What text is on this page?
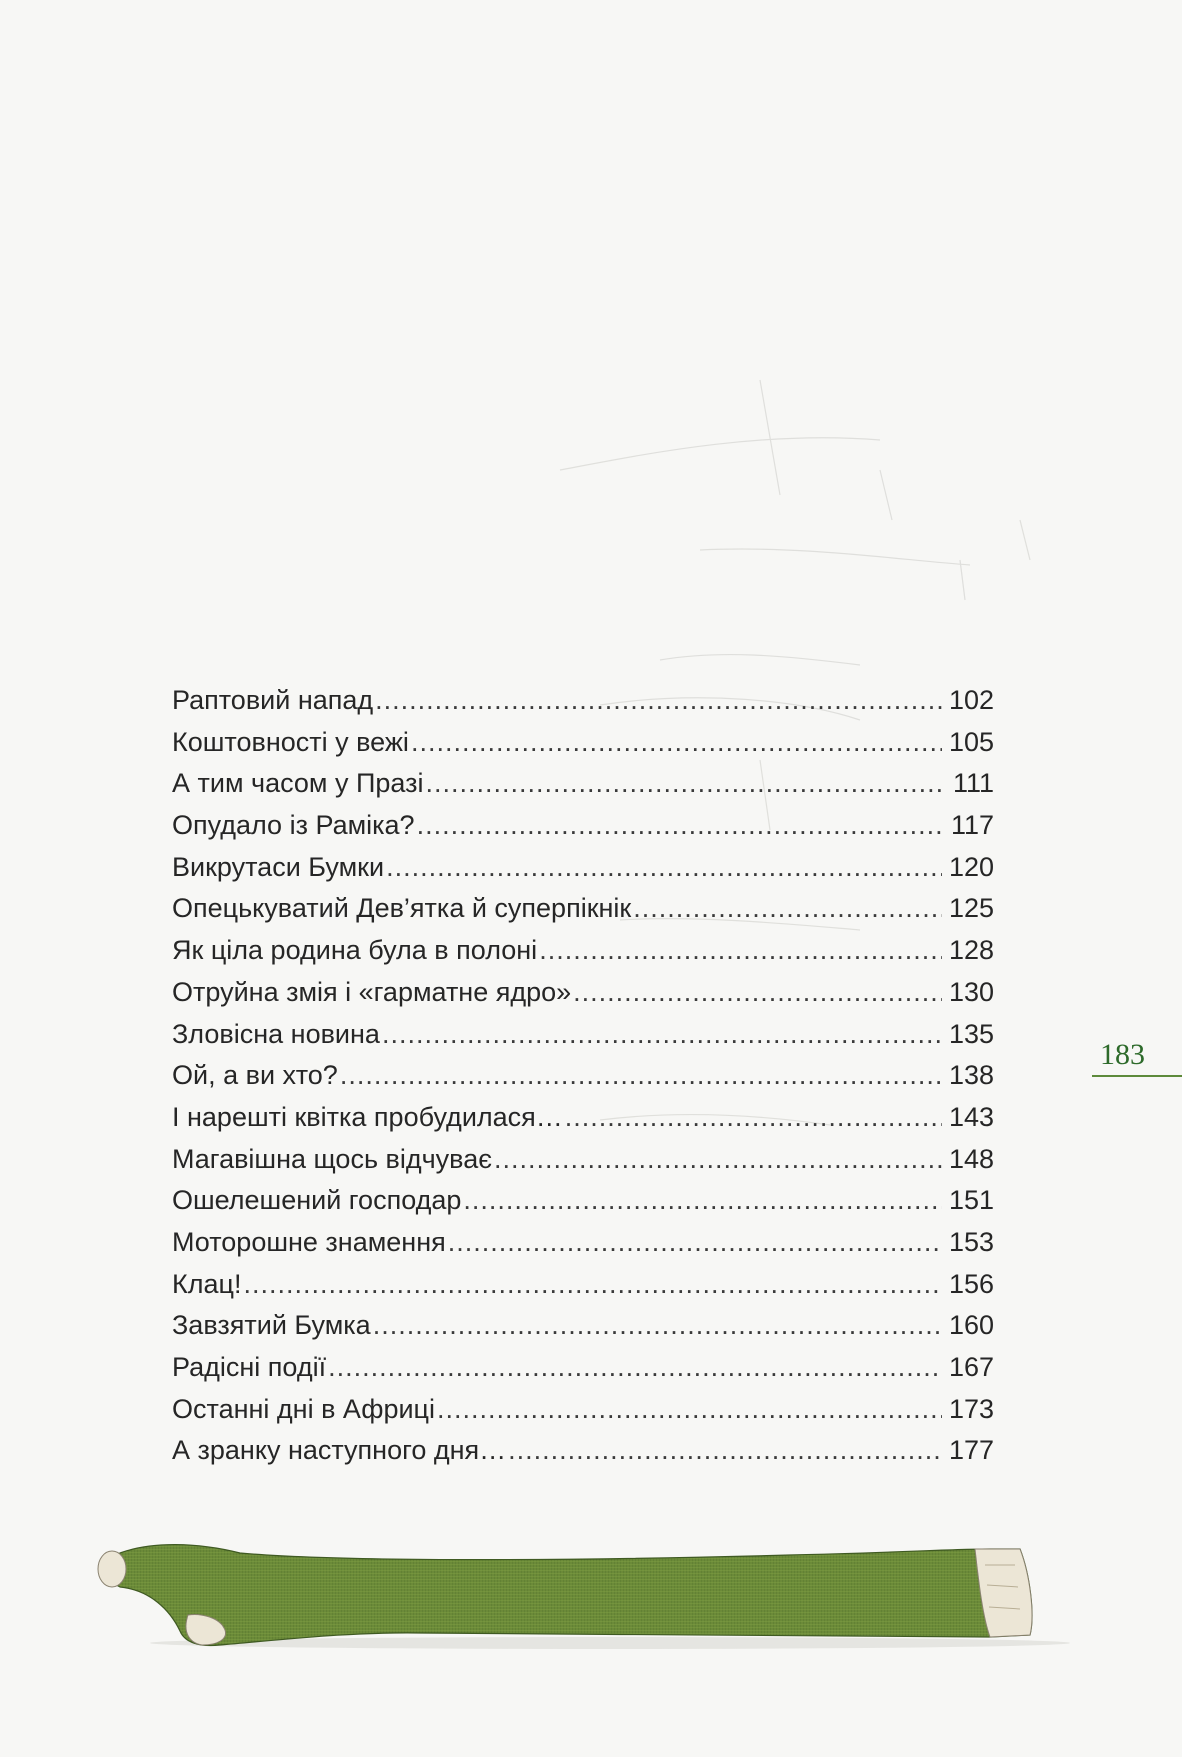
Раптовий напад .....	102
Коштовності у вежі .....	105
А тим часом у Празі .....	111
Опудало із Раміка? .....	117
Викрутаси Бумки .....	120
Опецькуватий Дев’ятка й суперпікнік .....	125
Як ціла родина була в полоні .....	128
Отруйна змія і «гарматне ядро» .....	130
Зловісна новина .....	135
Ой, а ви хто? .....	138
І нарешті квітка пробудилася… .....	143
Магавішна щось відчуває .....	148
Ошелешений господар .....	151
Моторошне знамення .....	153
Клац! .....	156
Завзятий Бумка .....	160
Радісні події .....	167
Останні дні в Африці .....	173
А зранку наступного дня… .....	177
183
